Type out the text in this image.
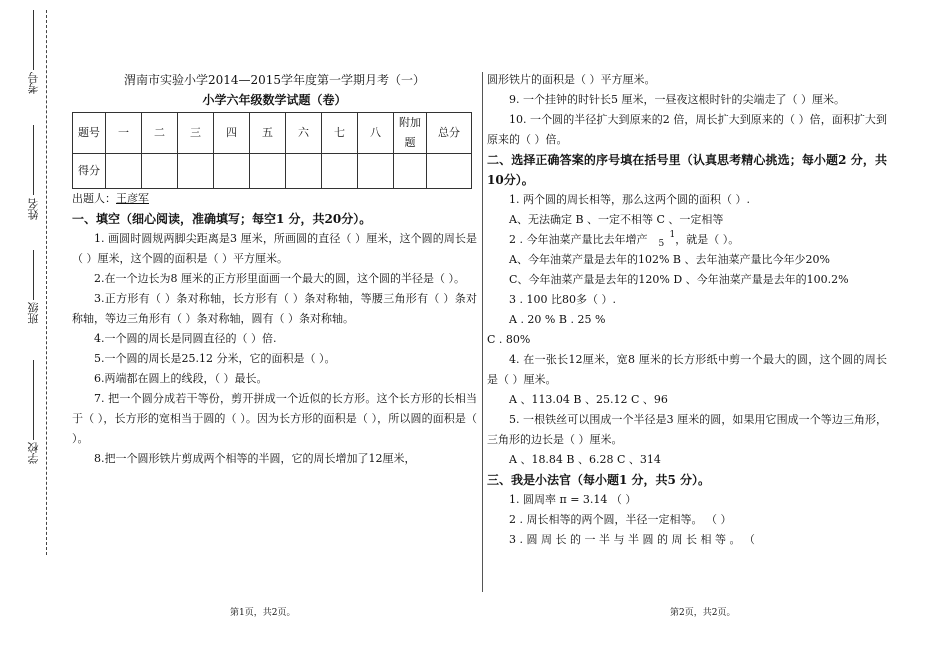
考号
姓名
班级
学校
渭南市实验小学2014—2015学年度第一学期月考（一）
小学六年级数学试题（卷）
题号	一	二	三	四	五	六	七	八	附加题	总分
得分										
出题人：王彦军
一、填空（细心阅读，准确填写；每空1 分，共20分）。
1. 画圆时圆规两脚尖距离是3 厘米，所画圆的直径（ ）厘米，这个圆的周长是（ ）厘米，这个圆的面积是（ ）平方厘米。
2.在一个边长为8 厘米的正方形里面画一个最大的圆，这个圆的半径是（ ）。
3.正方形有（ ）条对称轴，长方形有（ ）条对称轴，等腰三角形有（ ）条对称轴，等边三角形有（ ）条对称轴，圆有（ ）条对称轴。
4.一个圆的周长是同圆直径的（ ）倍.
5.一个圆的周长是25.12 分米，它的面积是（ ）。
6.两端都在圆上的线段，（ ）最长。
7. 把一个圆分成若干等份，剪开拼成一个近似的长方形。这个长方形的长相当于（ ），长方形的宽相当于圆的（ ）。因为长方形的面积是（ ），所以圆的面积是（ ）。
8.把一个圆形铁片剪成两个相等的半圆，它的周长增加了12厘米，
圆形铁片的面积是（ ）平方厘米。
9. 一个挂钟的时针长5 厘米，一昼夜这根时针的尖端走了（ ）厘米。
10. 一个圆的半径扩大到原来的2 倍，周长扩大到原来的（ ）倍，面积扩大到原来的（ ）倍。
二、选择正确答案的序号填在括号里（认真思考精心挑选；每小题2 分，共10分）。
1. 两个圆的周长相等，那么这两个圆的面积（ ）.
A、无法确定 B 、一定不相等 C 、一定相等
2 . 今年油菜产量比去年增产 1
5 ，就是（ ）。
A、今年油菜产量是去年的102% B 、去年油菜产量比今年少20%
C、今年油菜产量是去年的120% D 、今年油菜产量是去年的100.2%
3 . 100 比80多（ ）.
A . 20 % B . 25 %
C . 80%
4. 在一张长12厘米，宽8 厘米的长方形纸中剪一个最大的圆，这个圆的周长是（ ）厘米。
A 、113.04 B 、25.12 C 、96
5. 一根铁丝可以围成一个半径是3 厘米的圆，如果用它围成一个等边三角形，三角形的边长是（ ）厘米。
A 、18.84 B 、6.28 C 、314
三、我是小法官（每小题1 分，共5 分）。
1. 圆周率 π = 3.14 （ ）
2 . 周长相等的两个圆，半径一定相等。 （ ）
3 . 圆 周 长 的 一 半 与 半 圆 的 周 长 相 等 。 （
第1页，共2页。	第2页，共2页。
